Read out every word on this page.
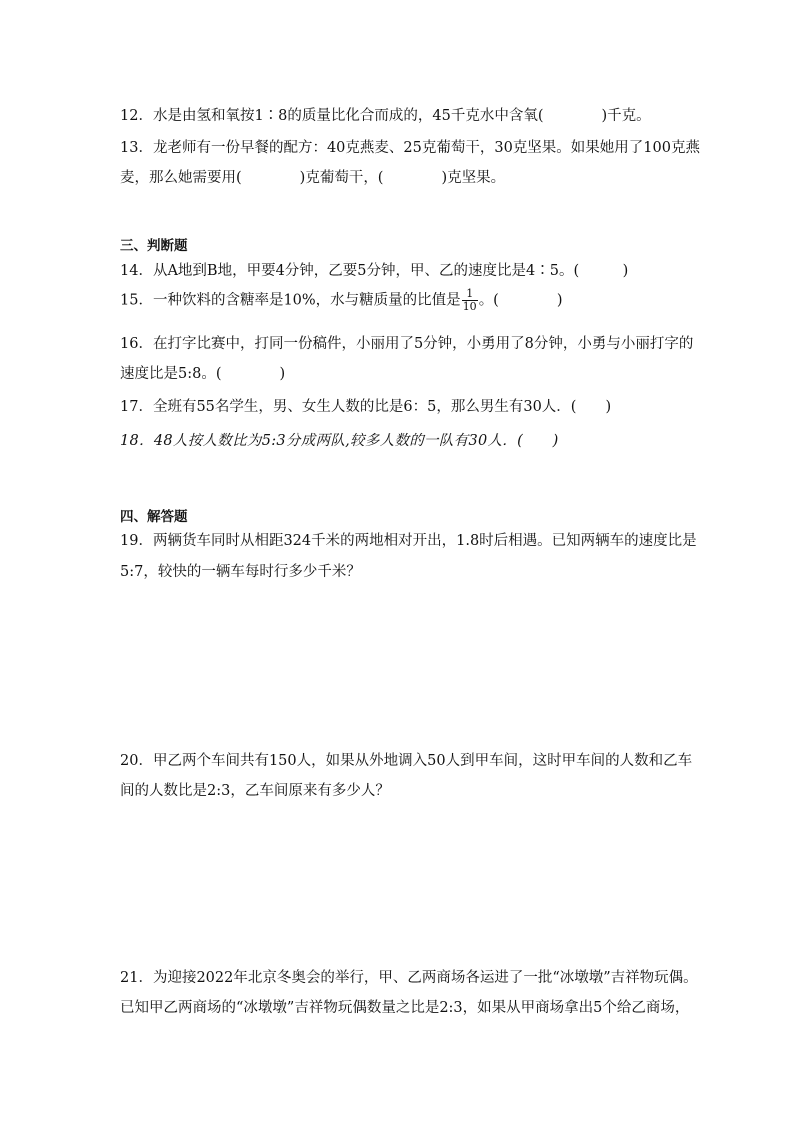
12．水是由氢和氧按1∶8的质量比化合而成的，45千克水中含氧(　　　　)千克。
13．龙老师有一份早餐的配方：40克燕麦、25克葡萄干，30克坚果。如果她用了100克燕
麦，那么她需要用(　　　　)克葡萄干，(　　　　)克坚果。
三、判断题
14．从A地到B地，甲要4分钟，乙要5分钟，甲、乙的速度比是4∶5。(　　　)
15．一种饮料的含糖率是10%，水与糖质量的比值是 $\frac{1}{10}$ 。(　　　　)
16．在打字比赛中，打同一份稿件，小丽用了5分钟，小勇用了8分钟，小勇与小丽打字的
速度比是5:8。(　　　　)
17．全班有55名学生，男、女生人数的比是6：5，那么男生有30人．(　　)
18．48人按人数比为5:3分成两队,较多人数的一队有30人．(　　)
四、解答题
19．两辆货车同时从相距324千米的两地相对开出，1.8时后相遇。已知两辆车的速度比是
5:7，较快的一辆车每时行多少千米？
20．甲乙两个车间共有150人，如果从外地调入50人到甲车间，这时甲车间的人数和乙车
间的人数比是2:3，乙车间原来有多少人？
21．为迎接2022年北京冬奥会的举行，甲、乙两商场各运进了一批“冰墩墩”吉祥物玩偶。
已知甲乙两商场的“冰墩墩”吉祥物玩偶数量之比是2:3，如果从甲商场拿出5个给乙商场，
